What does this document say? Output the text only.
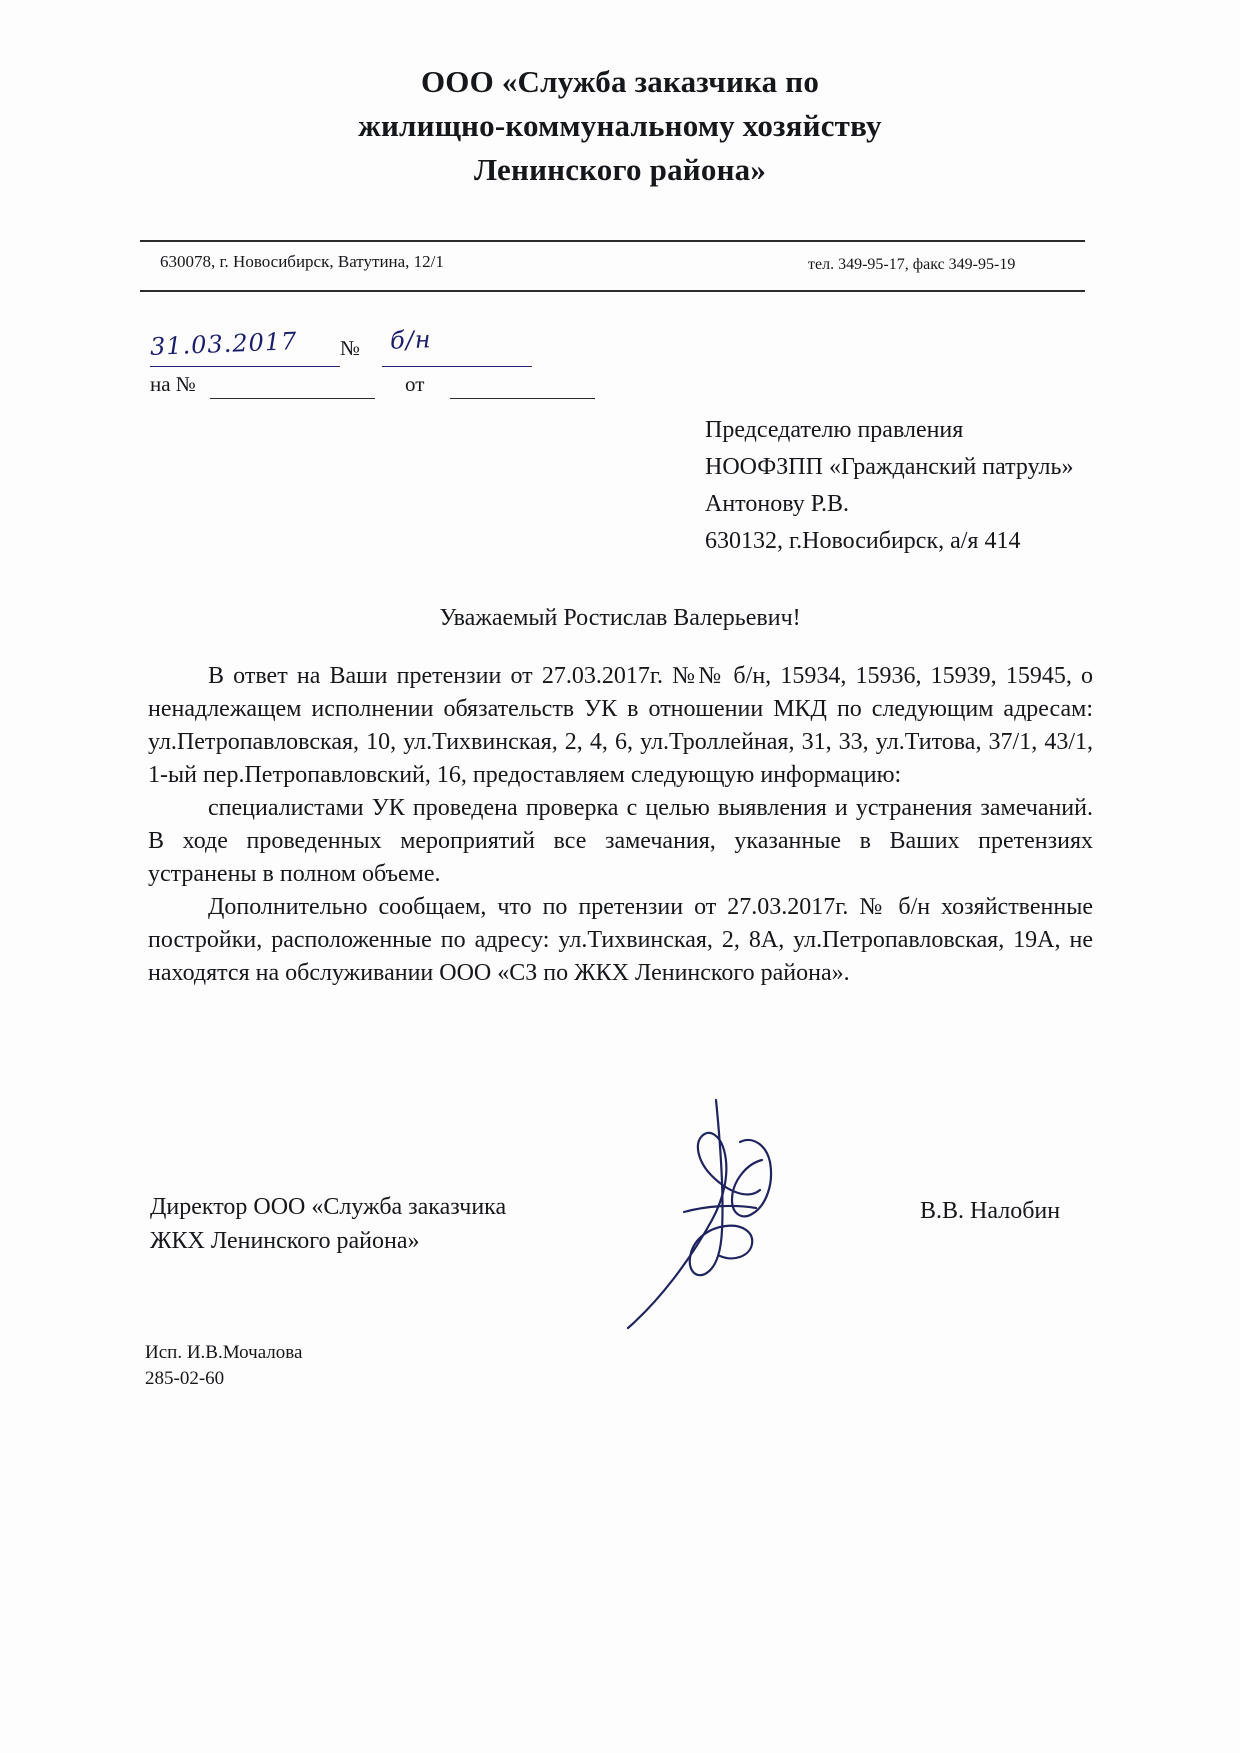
ООО «Служба заказчика по
жилищно-коммунальному хозяйству
Ленинского района»
630078, г. Новосибирск, Ватутина, 12/1	тел. 349-95-17, факс 349-95-19
31.03.2017 № б/н
на №	от
Председателю правления
НООФЗПП «Гражданский патруль»
Антонову Р.В.
630132, г.Новосибирск, а/я 414
Уважаемый Ростислав Валерьевич!

В ответ на Ваши претензии от 27.03.2017г. №№ б/н, 15934, 15936, 15939, 15945, о ненадлежащем исполнении обязательств УК в отношении МКД по следующим адресам: ул.Петропавловская, 10, ул.Тихвинская, 2, 4, 6, ул.Троллейная, 31, 33, ул.Титова, 37/1, 43/1, 1-ый пер.Петропавловский, 16, предоставляем следующую информацию:

специалистами УК проведена проверка с целью выявления и устранения замечаний. В ходе проведенных мероприятий все замечания, указанные в Ваших претензиях устранены в полном объеме.

Дополнительно сообщаем, что по претензии от 27.03.2017г. № б/н хозяйственные постройки, расположенные по адресу: ул.Тихвинская, 2, 8А, ул.Петропавловская, 19А, не находятся на обслуживании ООО «СЗ по ЖКХ Ленинского района».

Директор ООО «Служба заказчика
ЖКХ Ленинского района»
В.В. Налобин
Исп. И.В.Мочалова
285-02-60
